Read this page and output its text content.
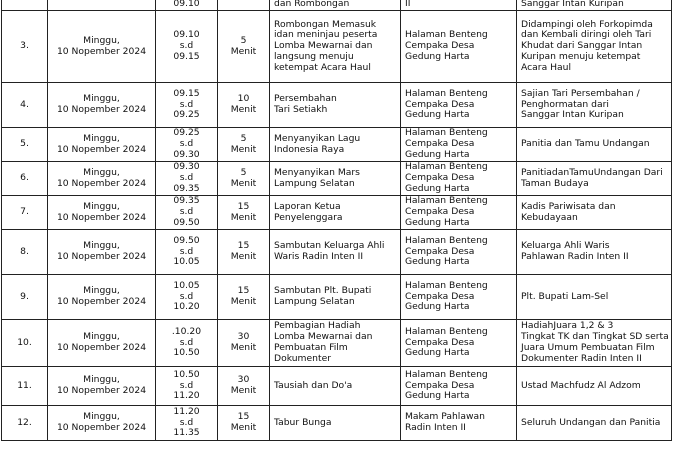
		09.10		dan Rombongan	II	Sanggar Intan Kuripan

3.	Minggu,
10 Nopember 2024	09.10
s.d
09.15	5
Menit	Rombongan Memasuk
idan meninjau peserta
Lomba Mewarnai dan
langsung menuju
ketempat Acara Haul	Halaman Benteng
Cempaka Desa
Gedung Harta	Didampingi oleh Forkopimda
dan Kembali diringi oleh Tari
Khudat dari Sanggar Intan
Kuripan menuju ketempat
Acara Haul

4.	Minggu,
10 Nopember 2024	09.15
s.d
09.25	10
Menit	Persembahan
Tari Setiakh	Halaman Benteng
Cempaka Desa
Gedung Harta	Sajian Tari Persembahan /
Penghormatan dari
Sanggar Intan Kuripan

5.	Minggu,
10 Nopember 2024	09.25
s.d
09.30	5
Menit	Menyanyikan Lagu
Indonesia Raya	Halaman Benteng
Cempaka Desa
Gedung Harta	Panitia dan Tamu Undangan

6.	Minggu,
10 Nopember 2024	09.30
s.d
09.35	5
Menit	Menyanyikan Mars
Lampung Selatan	Halaman Benteng
Cempaka Desa
Gedung Harta	PanitiadanTamuUndangan Dari
Taman Budaya

7.	Minggu,
10 Nopember 2024	09.35
s.d
09.50	15
Menit	Laporan Ketua
Penyelenggara	Halaman Benteng
Cempaka Desa
Gedung Harta	Kadis Pariwisata dan
Kebudayaan

8.	Minggu,
10 Nopember 2024	09.50
s.d
10.05	15
Menit	Sambutan Keluarga Ahli
Waris Radin Inten II	Halaman Benteng
Cempaka Desa
Gedung Harta	Keluarga Ahli Waris
Pahlawan Radin Inten II

9.	Minggu,
10 Nopember 2024	10.05
s.d
10.20	15
Menit	Sambutan Plt. Bupati
Lampung Selatan	Halaman Benteng
Cempaka Desa
Gedung Harta	Plt. Bupati Lam-Sel

10.	Minggu,
10 Nopember 2024	.10.20
s.d
10.50	30
Menit	Pembagian Hadiah
Lomba Mewarnai dan
Pembuatan Film
Dokumenter	Halaman Benteng
Cempaka Desa
Gedung Harta	HadiahJuara 1,2 & 3
Tingkat TK dan Tingkat SD serta
Juara Umum Pembuatan Film
Dokumenter Radin Inten II

11.	Minggu,
10 Nopember 2024	10.50
s.d
11.20	30
Menit	Tausiah dan Do'a	Halaman Benteng
Cempaka Desa
Gedung Harta	Ustad Machfudz Al Adzom

12.	Minggu,
10 Nopember 2024	11.20
s.d
11.35	15
Menit	Tabur Bunga	Makam Pahlawan
Radin Inten II	Seluruh Undangan dan Panitia
